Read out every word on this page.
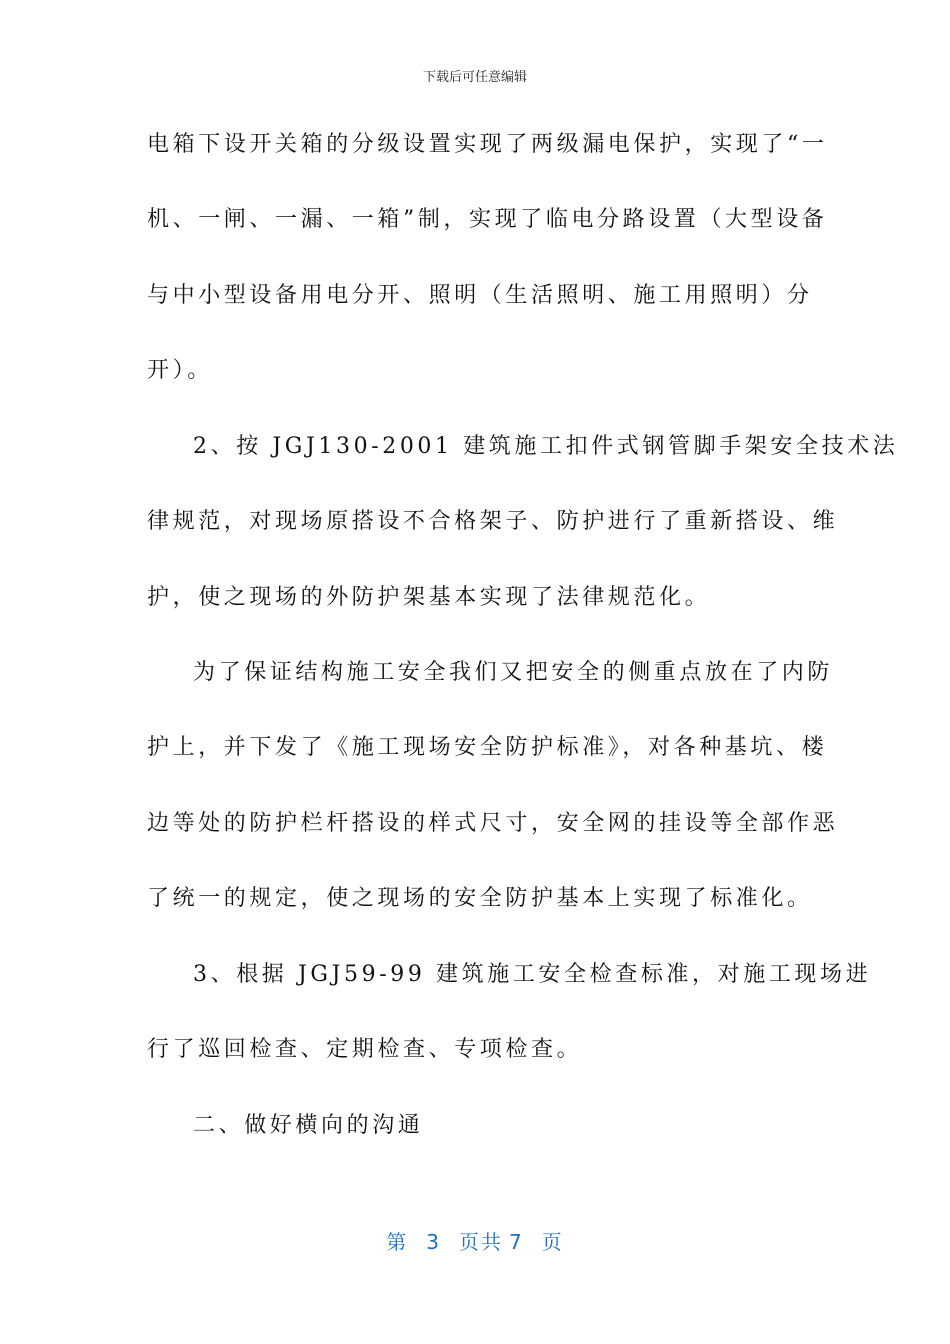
下载后可任意编辑
电箱下设开关箱的分级设置实现了两级漏电保护，实现了“一
机、一闸、一漏、一箱”制，实现了临电分路设置（大型设备
与中小型设备用电分开、照明（生活照明、施工用照明）分
开）。
2、按 JGJ130-2001 建筑施工扣件式钢管脚手架安全技术法
律规范，对现场原搭设不合格架子、防护进行了重新搭设、维
护，使之现场的外防护架基本实现了法律规范化。
为了保证结构施工安全我们又把安全的侧重点放在了内防
护上，并下发了《施工现场安全防护标准》，对各种基坑、楼
边等处的防护栏杆搭设的样式尺寸，安全网的挂设等全部作恶
了统一的规定，使之现场的安全防护基本上实现了标准化。
3、根据 JGJ59-99 建筑施工安全检查标准，对施工现场进
行了巡回检查、定期检查、专项检查。
二、做好横向的沟通
第 3 页共 7 页
